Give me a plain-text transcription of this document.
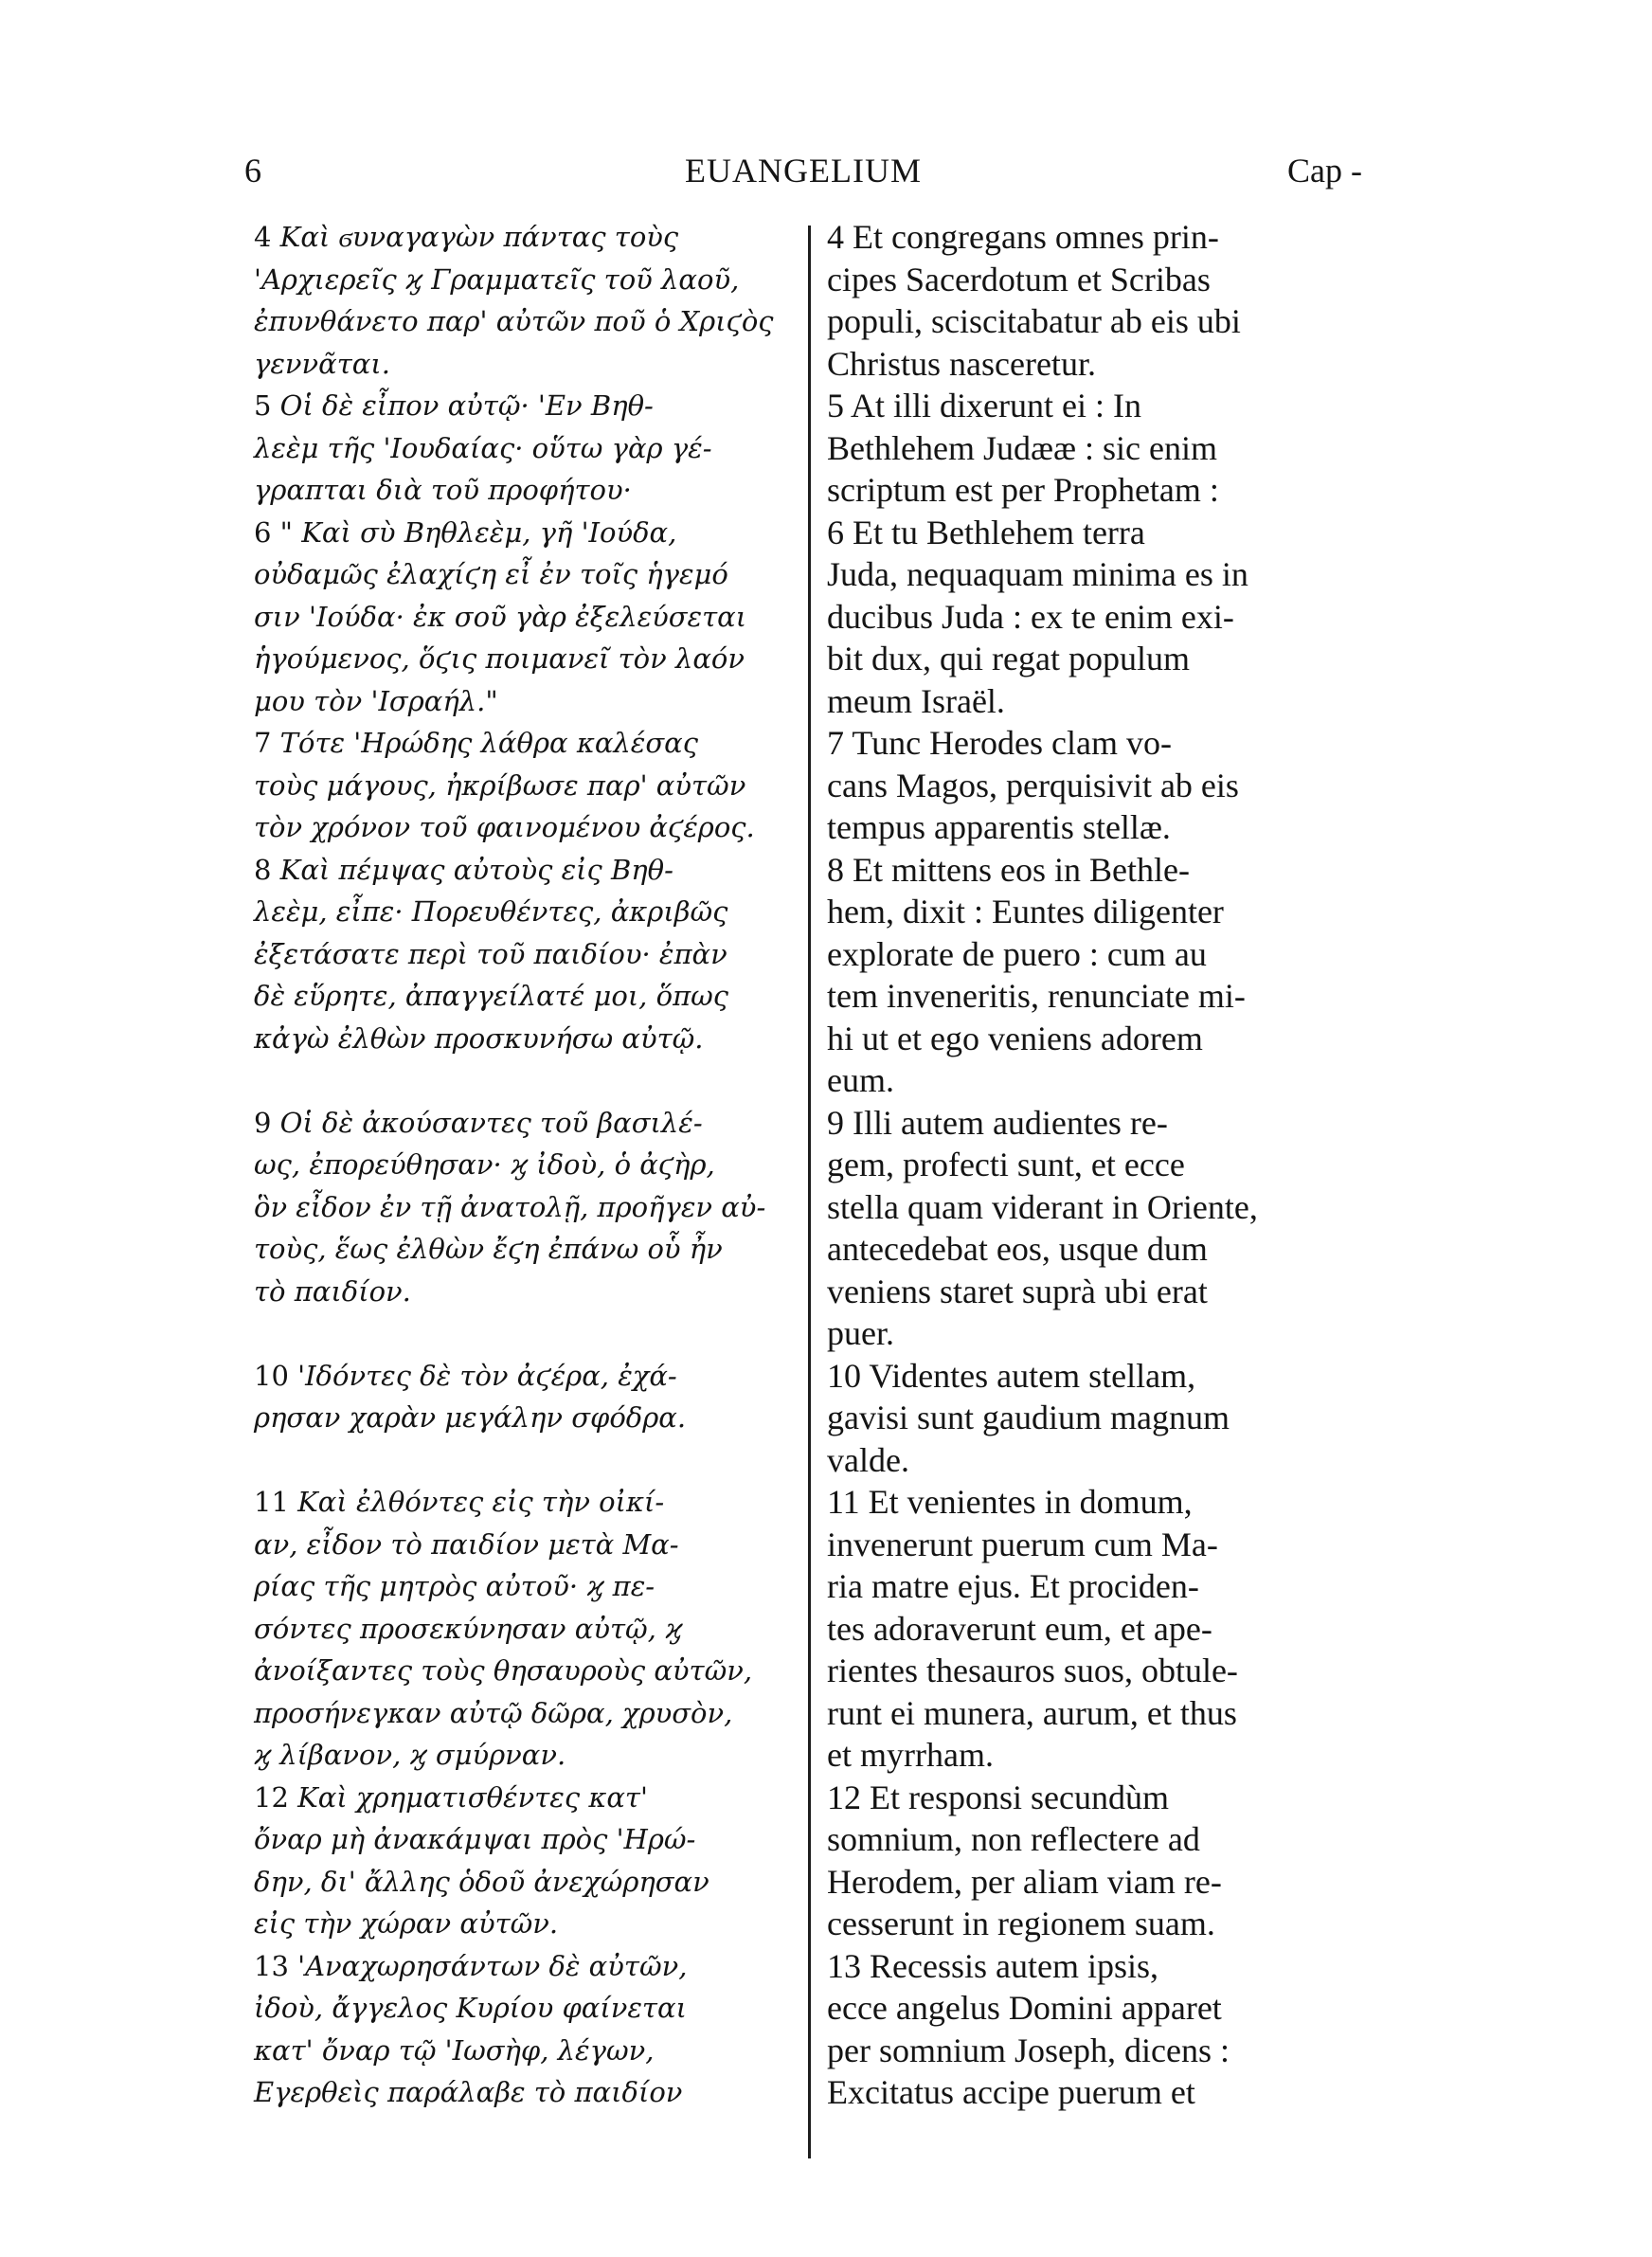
6	EUANGELIUM	Cap -

4 Καὶ ϭυναγαγὼν πάντας τοὺς
'Αρχιερεῖς ϗ Γραμματεῖς τοῦ λαοῦ,
ἐπυνθάνετο παρ' αὐτῶν ποῦ ὁ Χριϛὸς
γεννᾶται.

5 Οἱ δὲ εἶπον αὐτῷ· 'Εν Βηθ-
λεὲμ τῆς 'Ιουδαίας· οὕτω γὰρ γέ-
γραπται διὰ τοῦ προφήτου·

6 " Καὶ σὺ Βηθλεὲμ, γῆ 'Ιούδα,
οὐδαμῶς ἐλαχίϛη εἶ ἐν τοῖς ἡγεμό
σιν 'Ιούδα· ἐκ σοῦ γὰρ ἐξελεύσεται
ἡγούμενος, ὅϛις ποιμανεῖ τὸν λαόν
μου τὸν 'Ισραήλ."

7 Τότε 'Ηρώδης λάθρα καλέσας
τοὺς μάγους, ἠκρίβωσε παρ' αὐτῶν
τὸν χρόνον τοῦ φαινομένου ἀϛέρος.

8 Καὶ πέμψας αὐτοὺς εἰς Βηθ-
λεὲμ, εἶπε· Πορευθέντες, ἀκριβῶς
ἐξετάσατε περὶ τοῦ παιδίου· ἐπὰν
δὲ εὕρητε, ἀπαγγείλατέ μοι, ὅπως
κἀγὼ ἐλθὼν προσκυνήσω αὐτῷ.

9 Οἱ δὲ ἀκούσαντες τοῦ βασιλέ-
ως, ἐπορεύθησαν· ϗ ἰδοὺ, ὁ ἀϛὴρ,
ὃν εἶδον ἐν τῇ ἀνατολῇ, προῆγεν αὐ-
τοὺς, ἕως ἐλθὼν ἔϛη ἐπάνω οὗ ἦν
τὸ παιδίον.

10 'Ιδόντες δὲ τὸν ἀϛέρα, ἐχά-
ρησαν χαρὰν μεγάλην σφόδρα.

11 Καὶ ἐλθόντες εἰς τὴν οἰκί-
αν, εἶδον τὸ παιδίον μετὰ Μα-
ρίας τῆς μητρὸς αὐτοῦ· ϗ πε-
σόντες προσεκύνησαν αὐτῷ, ϗ
ἀνοίξαντες τοὺς θησαυροὺς αὐτῶν,
προσήνεγκαν αὐτῷ δῶρα, χρυσὸν,
ϗ λίβανον, ϗ σμύρναν.

12 Καὶ χρηματισθέντες κατ'
ὄναρ μὴ ἀνακάμψαι πρὸς 'Ηρώ-
δην, δι' ἄλλης ὁδοῦ ἀνεχώρησαν
εἰς τὴν χώραν αὐτῶν.

13 'Αναχωρησάντων δὲ αὐτῶν,
ἰδοὺ, ἄγγελος Κυρίου φαίνεται
κατ' ὄναρ τῷ 'Ιωσὴφ, λέγων,
Εγερθεὶς παράλαβε τὸ παιδίον

4 Et congregans omnes prin-
cipes Sacerdotum et Scribas
populi, sciscitabatur ab eis ubi
Christus nasceretur.

5 At illi dixerunt ei : In
Bethlehem Judææ : sic enim
scriptum est per Prophetam :

6 Et tu Bethlehem terra
Juda, nequaquam minima es in
ducibus Juda : ex te enim exi-
bit dux, qui regat populum
meum Israël.

7 Tunc Herodes clam vo-
cans Magos, perquisivit ab eis
tempus apparentis stellæ.

8 Et mittens eos in Bethle-
hem, dixit : Euntes diligenter
explorate de puero : cum au
tem inveneritis, renunciate mi-
hi ut et ego veniens adorem
eum.

9 Illi autem audientes re-
gem, profecti sunt, et ecce
stella quam viderant in Oriente,
antecedebat eos, usque dum
veniens staret suprà ubi erat
puer.

10 Videntes autem stellam,
gavisi sunt gaudium magnum
valde.

11 Et venientes in domum,
invenerunt puerum cum Ma-
ria matre ejus. Et prociden-
tes adoraverunt eum, et ape-
rientes thesauros suos, obtule-
runt ei munera, aurum, et thus
et myrrham.

12 Et responsi secundùm
somnium, non reflectere ad
Herodem, per aliam viam re-
cesserunt in regionem suam.

13 Recessis autem ipsis,
ecce angelus Domini apparet
per somnium Joseph, dicens :
Excitatus accipe puerum et
